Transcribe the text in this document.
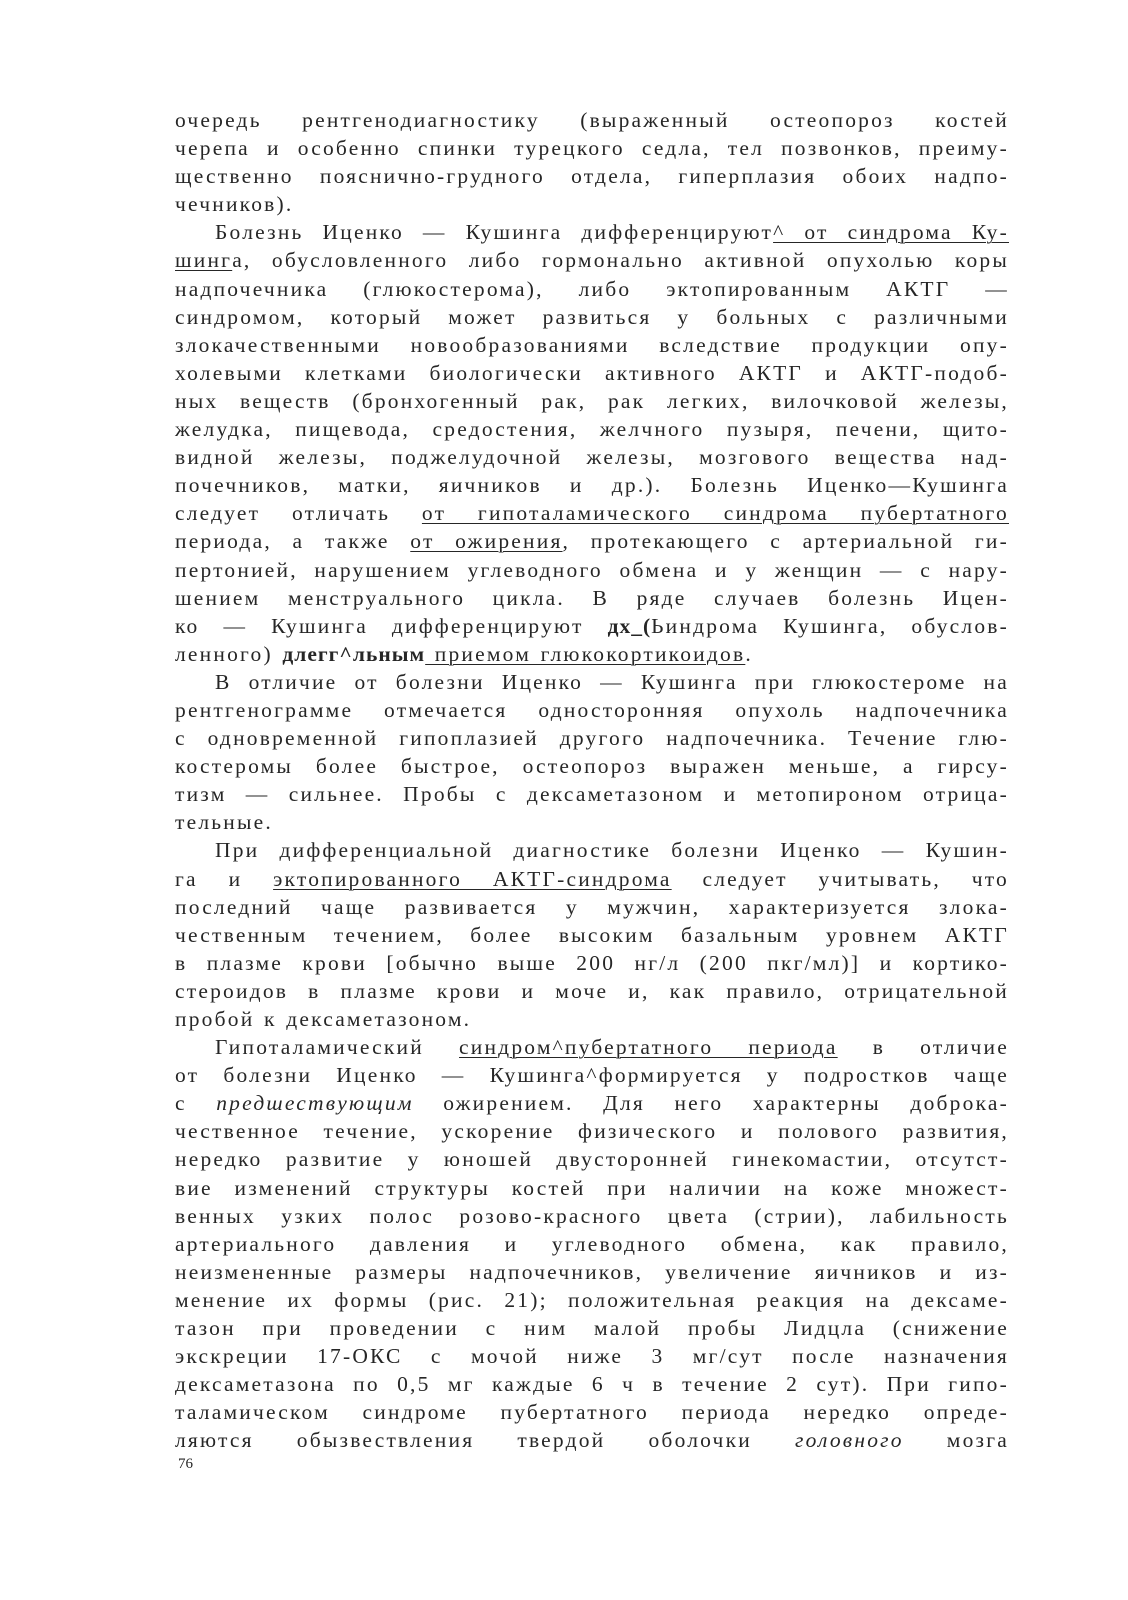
очередь рентгенодиагностику (выраженный остеопороз костей
черепа и особенно спинки турецкого седла, тел позвонков, преиму-
щественно пояснично-грудного отдела, гиперплазия обоих надпо-
чечников).
Болезнь Иценко — Кушинга дифференцируют^ от синдрома Ку-
шинга, обусловленного либо гормонально активной опухолью коры
надпочечника (глюкостерома), либо эктопированным АКТГ —
синдромом, который может развиться у больных с различными
злокачественными новообразованиями вследствие продукции опу-
холевыми клетками биологически активного АКТГ и АКТГ-подоб-
ных веществ (бронхогенный рак, рак легких, вилочковой железы,
желудка, пищевода, средостения, желчного пузыря, печени, щито-
видной железы, поджелудочной железы, мозгового вещества над-
почечников, матки, яичников и др.). Болезнь Иценко—Кушинга
следует отличать от гипоталамического синдрома пубертатного
периода, а также от ожирения, протекающего с артериальной ги-
пертонией, нарушением углеводного обмена и у женщин — с нару-
шением менструального цикла. В ряде случаев болезнь Ицен-
ко — Кушинга дифференцируют дх_(Ьиндрома Кушинга, обуслов-
ленного) длегг^льным приемом глюкокортикоидов.
В отличие от болезни Иценко — Кушинга при глюкостероме на
рентгенограмме отмечается односторонняя опухоль надпочечника
с одновременной гипоплазией другого надпочечника. Течение глю-
костеромы более быстрое, остеопороз выражен меньше, а гирсу-
тизм — сильнее. Пробы с дексаметазоном и метопироном отрица-
тельные.
При дифференциальной диагностике болезни Иценко — Кушин-
га и эктопированного АКТГ-синдрома следует учитывать, что
последний чаще развивается у мужчин, характеризуется злока-
чественным течением, более высоким базальным уровнем АКТГ
в плазме крови [обычно выше 200 нг/л (200 пкг/мл)] и кортико-
стероидов в плазме крови и моче и, как правило, отрицательной
пробой к дексаметазоном.
Гипоталамический синдром^пубертатного периода в отличие
от болезни Иценко — Кушинга^формируется у подростков чаще
с предшествующим ожирением. Для него характерны доброка-
чественное течение, ускорение физического и полового развития,
нередко развитие у юношей двусторонней гинекомастии, отсутст-
вие изменений структуры костей при наличии на коже множест-
венных узких полос розово-красного цвета (стрии), лабильность
артериального давления и углеводного обмена, как правило,
неизмененные размеры надпочечников, увеличение яичников и из-
менение их формы (рис. 21); положительная реакция на дексаме-
тазон при проведении с ним малой пробы Лидцла (снижение
экскреции 17-ОКС с мочой ниже 3 мг/сут после назначения
дексаметазона по 0,5 мг каждые 6 ч в течение 2 сут). При гипо-
таламическом синдроме пубертатного периода нередко опреде-
ляются обызвествления твердой оболочки головного мозга
76
